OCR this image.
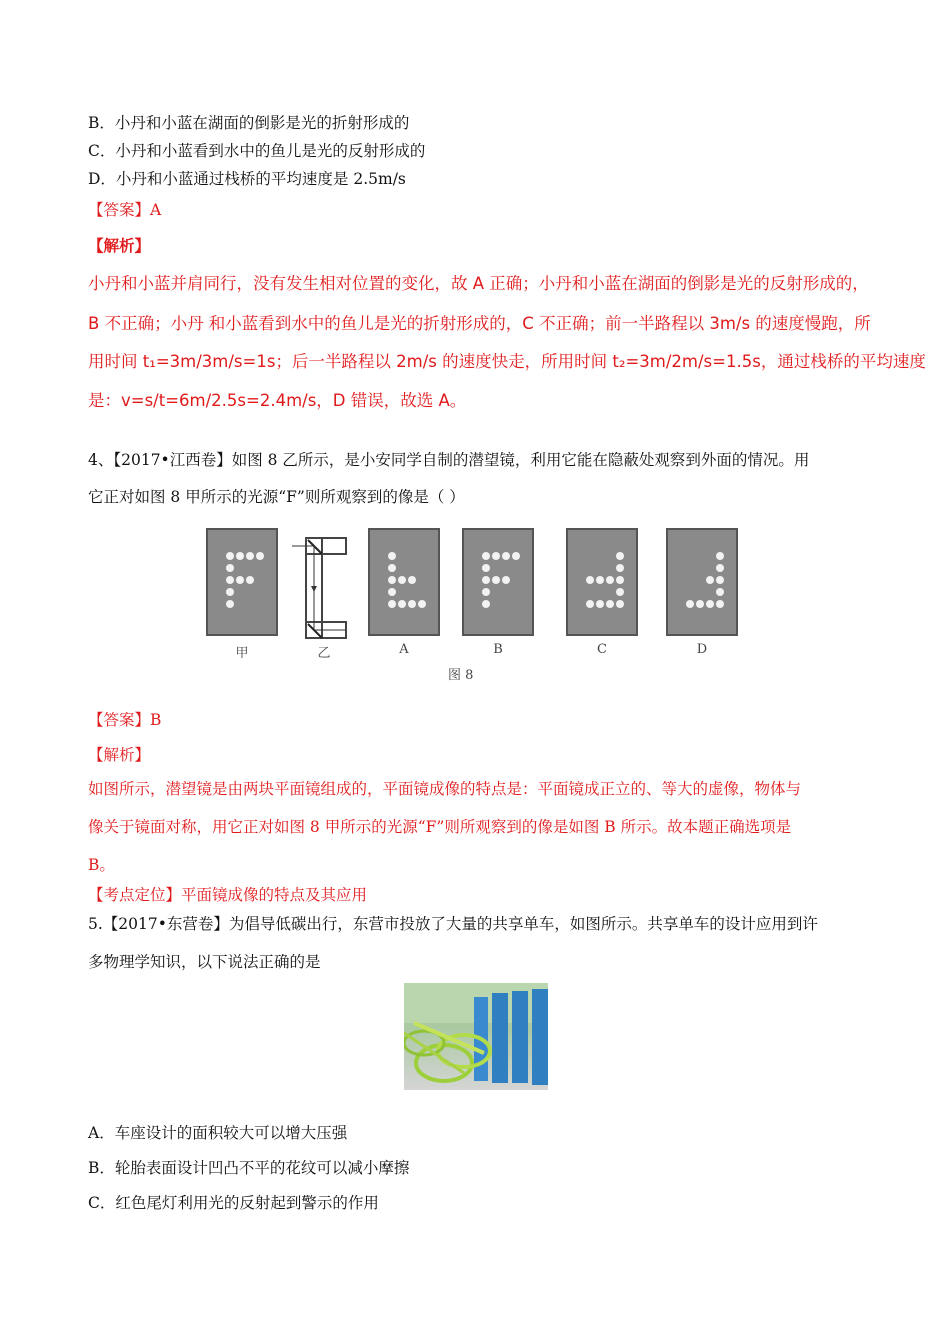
B．小丹和小蓝在湖面的倒影是光的折射形成的
C．小丹和小蓝看到水中的鱼儿是光的反射形成的
D．小丹和小蓝通过栈桥的平均速度是 2.5m/s
【答案】A
【解析】
小丹和小蓝并肩同行，没有发生相对位置的变化，故 A 正确；小丹和小蓝在湖面的倒影是光的反射形成的，
B 不正确；小丹 和小蓝看到水中的鱼儿是光的折射形成的，C 不正确；前一半路程以 3m/s 的速度慢跑，所
用时间 t₁=3m/3m/s=1s；后一半路程以 2m/s 的速度快走，所用时间 t₂=3m/2m/s=1.5s，通过栈桥的平均速度
是：v=s/t=6m/2.5s=2.4m/s，D 错误，故选 A。
4、【2017•江西卷】如图 8 乙所示，是小安同学自制的潜望镜，利用它能在隐蔽处观察到外面的情况。用
它正对如图 8 甲所示的光源“F”则所观察到的像是（ ）
甲	乙	A	B	C	D
图 8
【答案】B
【解析】
如图所示，潜望镜是由两块平面镜组成的，平面镜成像的特点是：平面镜成正立的、等大的虚像，物体与
像关于镜面对称，用它正对如图 8 甲所示的光源“F”则所观察到的像是如图 B 所示。故本题正确选项是
B。
【考点定位】平面镜成像的特点及其应用
5.【2017•东营卷】为倡导低碳出行，东营市投放了大量的共享单车，如图所示。共享单车的设计应用到许
多物理学知识，以下说法正确的是
A．车座设计的面积较大可以增大压强
B．轮胎表面设计凹凸不平的花纹可以减小摩擦
C．红色尾灯利用光的反射起到警示的作用
